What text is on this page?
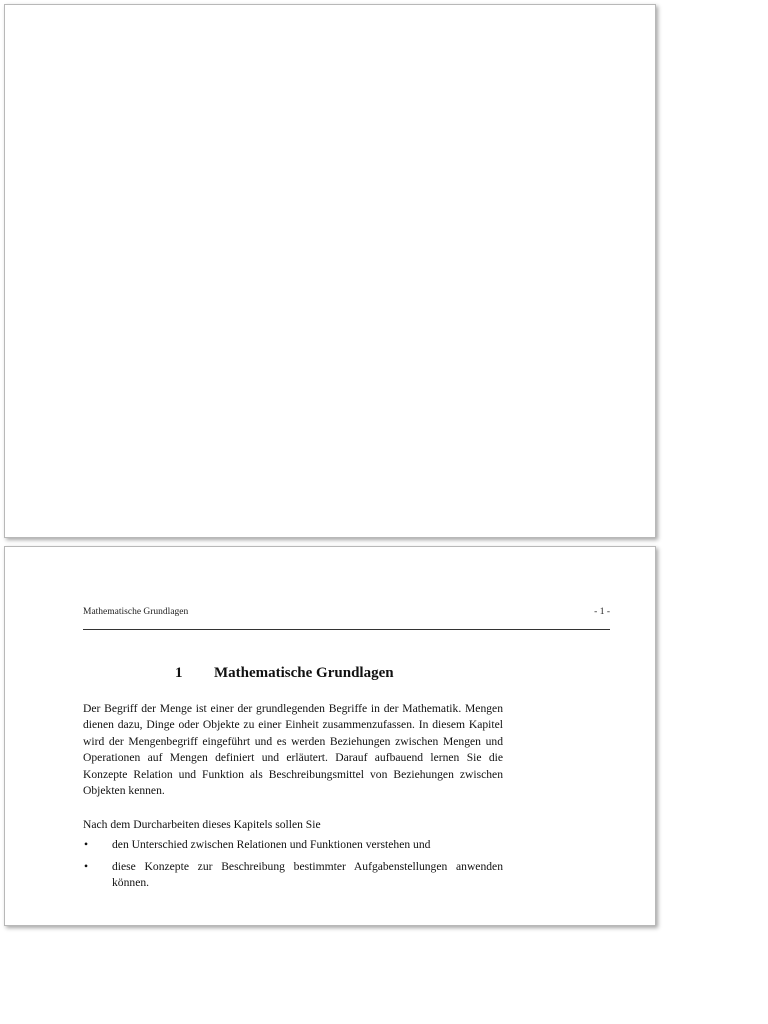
Mathematische Grundlagen	- 1 -
1 Mathematische Grundlagen

Der Begriff der Menge ist einer der grundlegenden Begriffe in der Mathematik. Mengen dienen dazu, Dinge oder Objekte zu einer Einheit zusammenzufassen. In diesem Kapitel wird der Mengenbegriff eingeführt und es werden Beziehungen zwischen Mengen und Operationen auf Mengen definiert und erläutert. Darauf aufbauend lernen Sie die Konzepte Relation und Funktion als Beschreibungsmittel von Beziehungen zwischen Objekten kennen.

Nach dem Durcharbeiten dieses Kapitels sollen Sie

• den Unterschied zwischen Relationen und Funktionen verstehen und
• diese Konzepte zur Beschreibung bestimmter Aufgabenstellungen anwenden können.
